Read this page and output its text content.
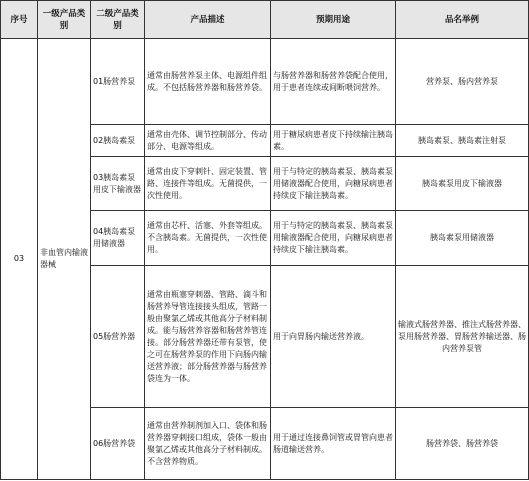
序号	一级产品类别	二级产品类别	产品描述	预期用途	品名举例
03	非血管内输液器械	01肠营养泵	通常由肠营养泵主体、电源组件组成。不包括肠营养器和肠营养袋。	与肠营养器和肠营养袋配合使用，用于患者连续或间断喂饲营养。	营养泵、肠内营养泵
		02胰岛素泵	通常由壳体、调节控制部分、传动部分、电源等组成。	用于糖尿病患者皮下持续输注胰岛素。	胰岛素泵、胰岛素注射泵
		03胰岛素泵用皮下输液器	通常由皮下穿刺针、固定装置、管路、连接件等组成。无菌提供，一次性使用。	用于与特定的胰岛素泵、胰岛素泵用储液器配合使用，向糖尿病患者持续皮下输注胰岛素。	胰岛素泵用皮下输液器
		04胰岛素泵用储液器	通常由芯杆、活塞、外套等组成。不含胰岛素。无菌提供，一次性使用。	用于与特定的胰岛素泵、胰岛素泵用输液器配合使用，向糖尿病患者持续皮下输注胰岛素。	胰岛素泵用储液器
		05肠营养器	通常由瓶塞穿刺器、管路、滴斗和肠营养导管连接接头组成，管路一般由聚氯乙烯或其他高分子材料制成。能与肠营养容器和肠营养管连接。部分肠营养器还带有泵管，使之可在肠营养泵的作用下向肠内输送营养液；部分肠营养器与肠营养袋连为一体。	用于向胃肠内输送营养液。	输液式肠营养器、推注式肠营养器、泵用肠营养器、胃肠营养输送器、肠内营养泵管
		06肠营养袋	通常由营养制剂加入口、袋体和肠营养器穿刺接口组成，袋体一般由聚氯乙烯或其他高分子材料制成。不含营养物质。	用于通过连接鼻饲管或胃管向患者肠道输送营养。	肠营养袋、肠营养袋
